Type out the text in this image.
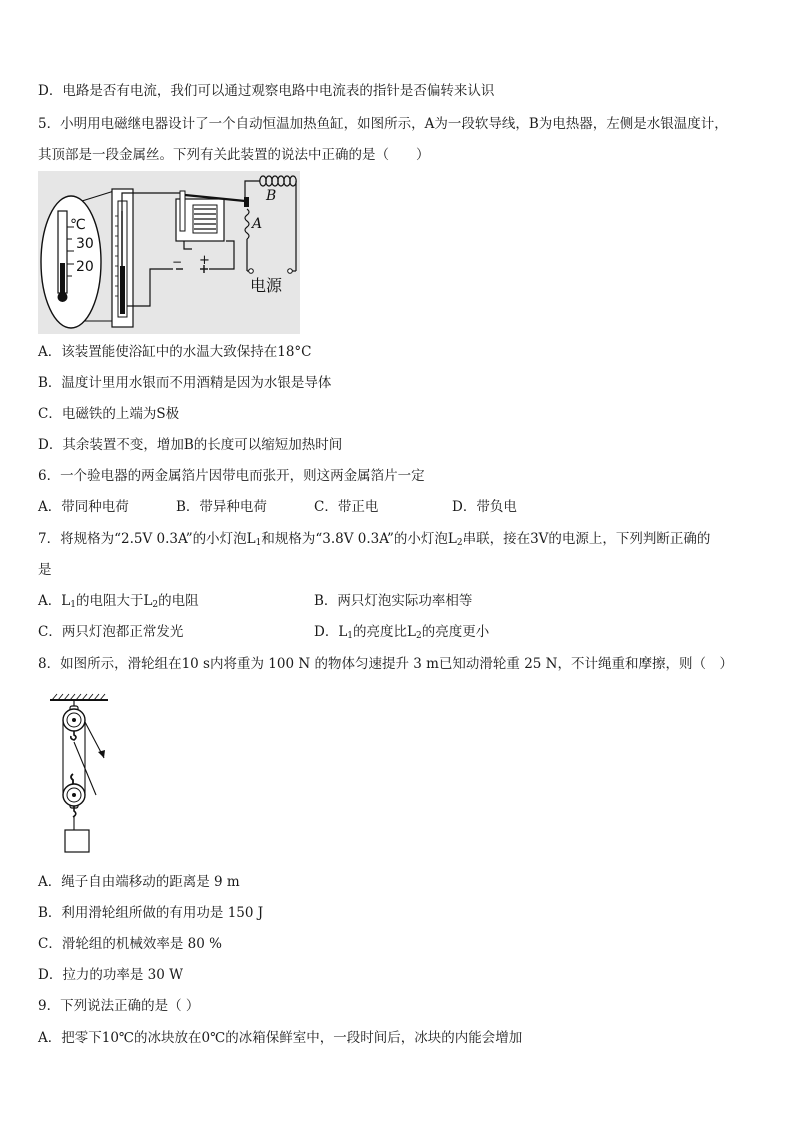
D．电路是否有电流，我们可以通过观察电路中电流表的指针是否偏转来认识
5．小明用电磁继电器设计了一个自动恒温加热鱼缸，如图所示，A为一段软导线，B为电热器，左侧是水银温度计，
其顶部是一段金属丝。下列有关此装置的说法中正确的是（　　）
℃
30
20	− +
B
A
电源
A．该装置能使浴缸中的水温大致保持在18°C
B．温度计里用水银而不用酒精是因为水银是导体
C．电磁铁的上端为S极
D．其余装置不变，增加B的长度可以缩短加热时间
6．一个验电器的两金属箔片因带电而张开，则这两金属箔片一定
A．带同种电荷	B．带异种电荷	C．带正电	D．带负电
7．将规格为“2.5V 0.3A”的小灯泡$L_1$和规格为“3.8V 0.3A”的小灯泡$L_2$串联，接在3V的电源上，下列判断正确的
是
A．$L_1$的电阻大于$L_2$的电阻	B．两只灯泡实际功率相等
C．两只灯泡都正常发光	D．$L_1$的亮度比$L_2$的亮度更小
8．如图所示，滑轮组在10 s内将重为 100 N 的物体匀速提升 3 m已知动滑轮重 25 N，不计绳重和摩擦，则（　）
A．绳子自由端移动的距离是 9 m
B．利用滑轮组所做的有用功是 150 J
C．滑轮组的机械效率是 80 %
D．拉力的功率是 30 W
9．下列说法正确的是（ ）
A．把零下10℃的冰块放在0℃的冰箱保鲜室中，一段时间后，冰块的内能会增加
